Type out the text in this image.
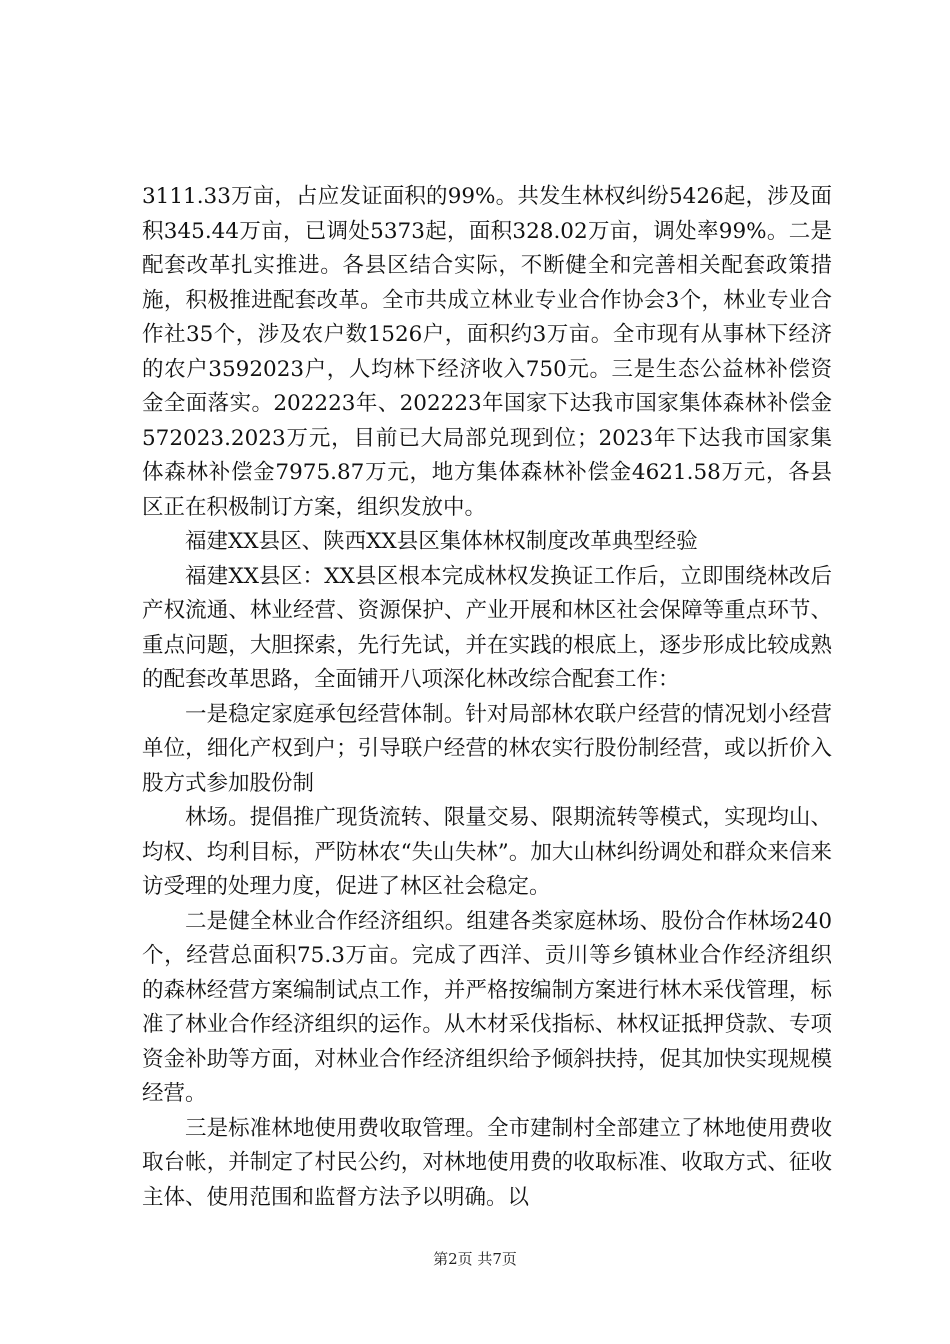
3111.33万亩，占应发证面积的99%。共发生林权纠纷5426起，涉及面积345.44万亩，已调处5373起，面积328.02万亩，调处率99%。二是配套改革扎实推进。各县区结合实际，不断健全和完善相关配套政策措施，积极推进配套改革。全市共成立林业专业合作协会3个，林业专业合作社35个，涉及农户数1526户，面积约3万亩。全市现有从事林下经济的农户3592023户，人均林下经济收入750元。三是生态公益林补偿资金全面落实。202223年、202223年国家下达我市国家集体森林补偿金572023.2023万元，目前已大局部兑现到位；2023年下达我市国家集体森林补偿金7975.87万元，地方集体森林补偿金4621.58万元，各县区正在积极制订方案，组织发放中。

福建XX县区、陕西XX县区集体林权制度改革典型经验

福建XX县区：XX县区根本完成林权发换证工作后，立即围绕林改后产权流通、林业经营、资源保护、产业开展和林区社会保障等重点环节、重点问题，大胆探索，先行先试，并在实践的根底上，逐步形成比较成熟的配套改革思路，全面铺开八项深化林改综合配套工作：

一是稳定家庭承包经营体制。针对局部林农联户经营的情况划小经营单位，细化产权到户；引导联户经营的林农实行股份制经营，或以折价入股方式参加股份制

林场。提倡推广现货流转、限量交易、限期流转等模式，实现均山、均权、均利目标，严防林农“失山失林”。加大山林纠纷调处和群众来信来访受理的处理力度，促进了林区社会稳定。

二是健全林业合作经济组织。组建各类家庭林场、股份合作林场240个，经营总面积75.3万亩。完成了西洋、贡川等乡镇林业合作经济组织的森林经营方案编制试点工作，并严格按编制方案进行林木采伐管理，标准了林业合作经济组织的运作。从木材采伐指标、林权证抵押贷款、专项资金补助等方面，对林业合作经济组织给予倾斜扶持，促其加快实现规模经营。

三是标准林地使用费收取管理。全市建制村全部建立了林地使用费收取台帐，并制定了村民公约，对林地使用费的收取标准、收取方式、征收主体、使用范围和监督方法予以明确。以

第2页 共7页
